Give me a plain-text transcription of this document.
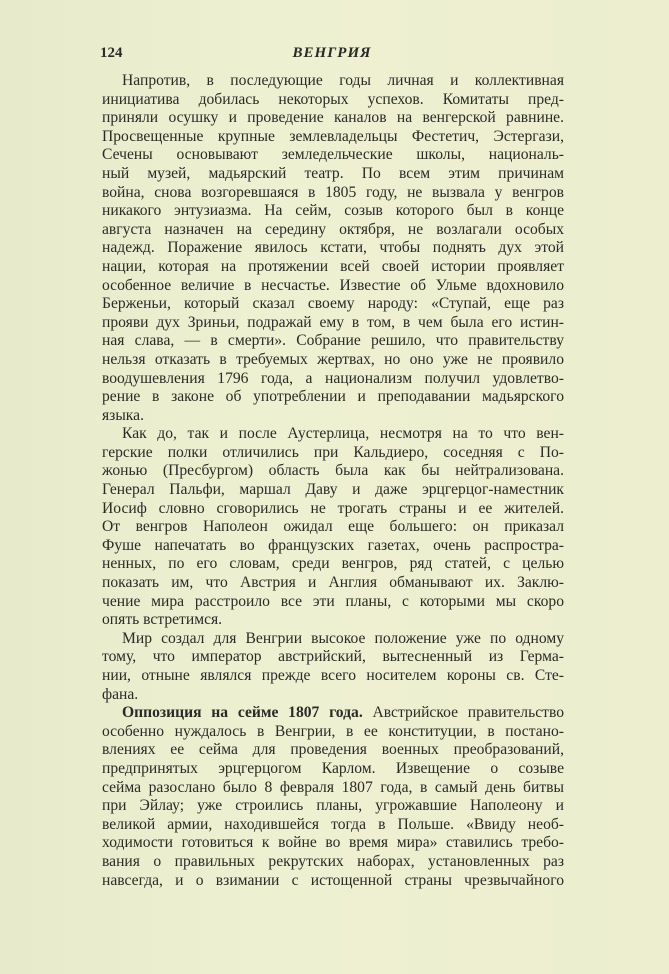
124	ВЕНГРИЯ
Напротив, в последующие годы личная и коллективная
инициатива добилась некоторых успехов. Комитаты пред-
приняли осушку и проведение каналов на венгерской равнине.
Просвещенные крупные землевладельцы Фестетич, Эстергази,
Сечены основывают земледельческие школы, националь-
ный музей, мадьярский театр. По всем этим причинам
война, снова возгоревшаяся в 1805 году, не вызвала у венгров
никакого энтузиазма. На сейм, созыв которого был в конце
августа назначен на середину октября, не возлагали особых
надежд. Поражение явилось кстати, чтобы поднять дух этой
нации, которая на протяжении всей своей истории проявляет
особенное величие в несчастье. Известие об Ульме вдохновило
Берженьи, который сказал своему народу: «Ступай, еще раз
прояви дух Зриньи, подражай ему в том, в чем была его истин-
ная слава, — в смерти». Собрание решило, что правительству
нельзя отказать в требуемых жертвах, но оно уже не проявило
воодушевления 1796 года, а национализм получил удовлетво-
рение в законе об употреблении и преподавании мадьярского
языка.
Как до, так и после Аустерлица, несмотря на то что вен-
герские полки отличились при Кальдиеро, соседняя с По-
жонью (Пресбургом) область была как бы нейтрализована.
Генерал Пальфи, маршал Даву и даже эрцгерцог-наместник
Иосиф словно сговорились не трогать страны и ее жителей.
От венгров Наполеон ожидал еще большего: он приказал
Фуше напечатать во французских газетах, очень распростра-
ненных, по его словам, среди венгров, ряд статей, с целью
показать им, что Австрия и Англия обманывают их. Заклю-
чение мира расстроило все эти планы, с которыми мы скоро
опять встретимся.
Мир создал для Венгрии высокое положение уже по одному
тому, что император австрийский, вытесненный из Герма-
нии, отныне являлся прежде всего носителем короны св. Сте-
фана.
Оппозиция на сейме 1807 года. Австрийское правительство
особенно нуждалось в Венгрии, в ее конституции, в постано-
влениях ее сейма для проведения военных преобразований,
предпринятых эрцгерцогом Карлом. Извещение о созыве
сейма разослано было 8 февраля 1807 года, в самый день битвы
при Эйлау; уже строились планы, угрожавшие Наполеону и
великой армии, находившейся тогда в Польше. «Ввиду необ-
ходимости готовиться к войне во время мира» ставились требо-
вания о правильных рекрутских наборах, установленных раз
навсегда, и о взимании с истощенной страны чрезвычайного
